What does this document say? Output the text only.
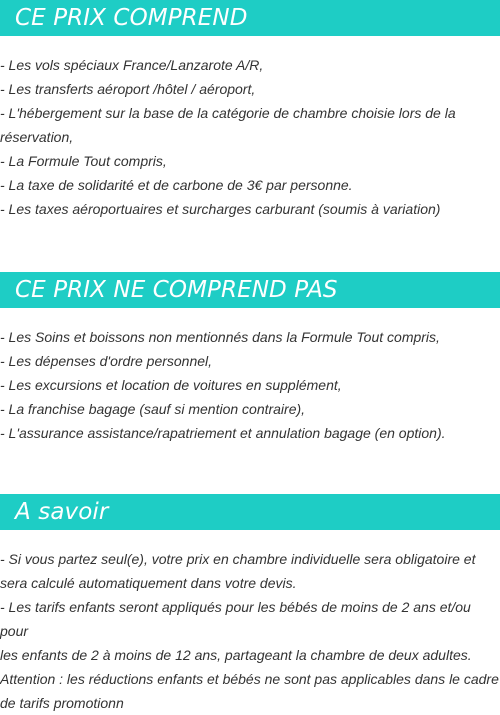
CE PRIX COMPREND

- Les vols spéciaux France/Lanzarote A/R,

- Les transferts aéroport /hôtel / aéroport,

- L'hébergement sur la base de la catégorie de chambre choisie lors de la

réservation,

- La Formule Tout compris,

- La taxe de solidarité et de carbone de 3€ par personne.

- Les taxes aéroportuaires et surcharges carburant (soumis à variation)

CE PRIX NE COMPREND PAS

- Les Soins et boissons non mentionnés dans la Formule Tout compris,

- Les dépenses d'ordre personnel,

- Les excursions et location de voitures en supplément,

- La franchise bagage (sauf si mention contraire),

- L'assurance assistance/rapatriement et annulation bagage (en option).

A savoir

- Si vous partez seul(e), votre prix en chambre individuelle sera obligatoire et

sera calculé automatiquement dans votre devis.

- Les tarifs enfants seront appliqués pour les bébés de moins de 2 ans et/ou pour

les enfants de 2 à moins de 12 ans, partageant la chambre de deux adultes.

Attention : les réductions enfants et bébés ne sont pas applicables dans le cadre

de tarifs promotionn
